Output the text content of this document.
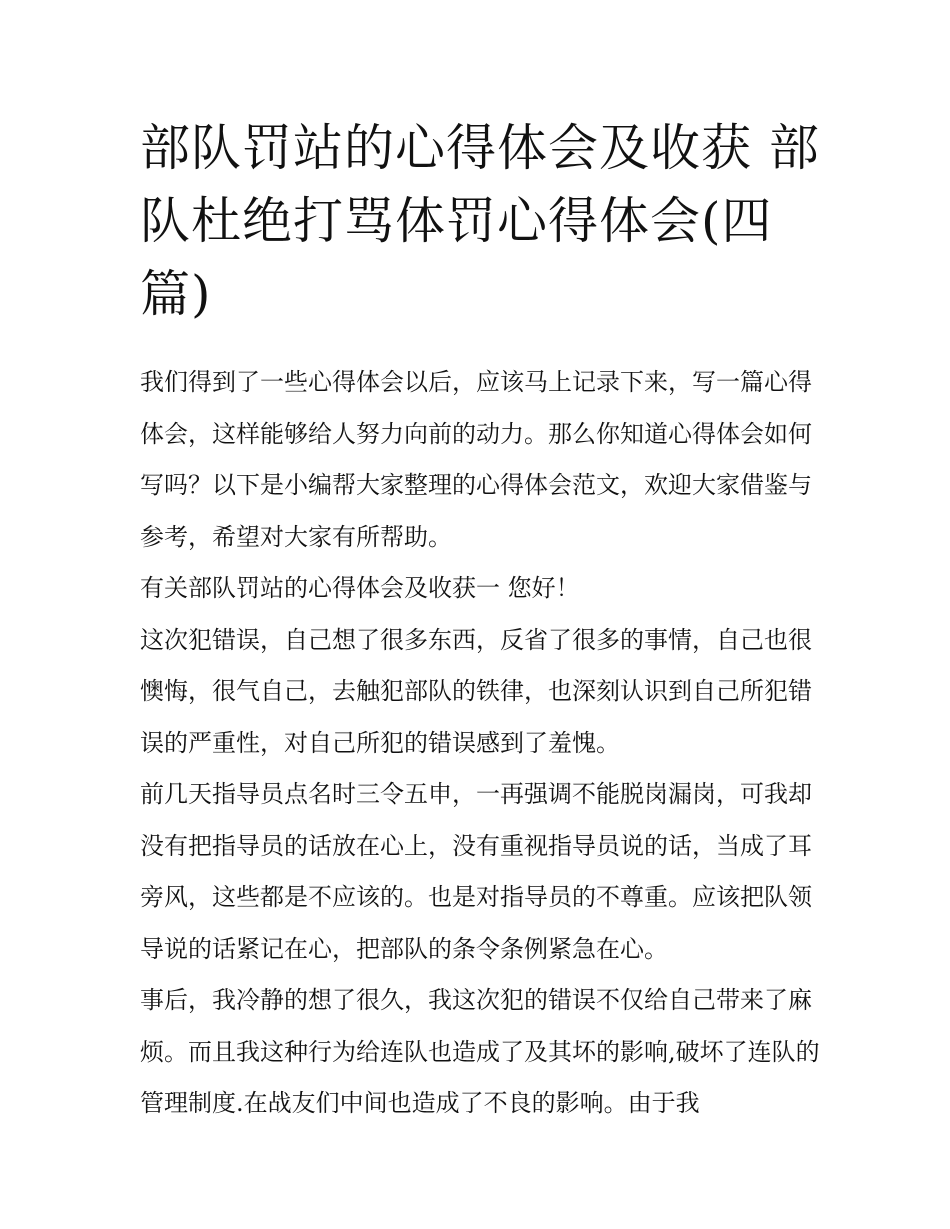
部队罚站的心得体会及收获 部队杜绝打骂体罚心得体会(四篇)

我们得到了一些心得体会以后，应该马上记录下来，写一篇心得体会，这样能够给人努力向前的动力。那么你知道心得体会如何写吗？以下是小编帮大家整理的心得体会范文，欢迎大家借鉴与参考，希望对大家有所帮助。

有关部队罚站的心得体会及收获一 您好！

这次犯错误，自己想了很多东西，反省了很多的事情，自己也很懊悔，很气自己，去触犯部队的铁律，也深刻认识到自己所犯错误的严重性，对自己所犯的错误感到了羞愧。

前几天指导员点名时三令五申，一再强调不能脱岗漏岗，可我却没有把指导员的话放在心上，没有重视指导员说的话，当成了耳旁风，这些都是不应该的。也是对指导员的不尊重。应该把队领导说的话紧记在心，把部队的条令条例紧急在心。

事后，我冷静的想了很久，我这次犯的错误不仅给自己带来了麻烦。而且我这种行为给连队也造成了及其坏的影响,破坏了连队的管理制度.在战友们中间也造成了不良的影响。由于我
